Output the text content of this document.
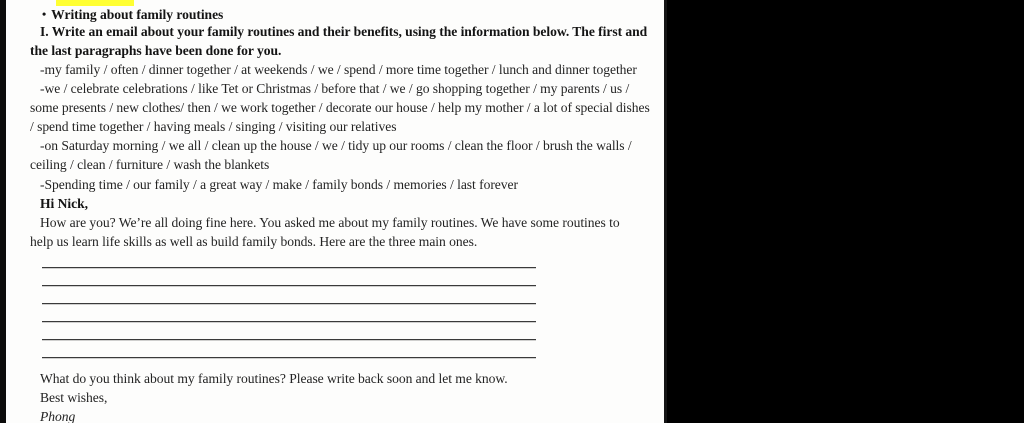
• Writing about family routines
I. Write an email about your family routines and their benefits, using the information below. The first and
the last paragraphs have been done for you.
-my family / often / dinner together / at weekends / we / spend / more time together / lunch and dinner together
-we / celebrate celebrations / like Tet or Christmas / before that / we / go shopping together / my parents / us /
some presents / new clothes/ then / we work together / decorate our house / help my mother / a lot of special dishes
/ spend time together / having meals / singing / visiting our relatives
-on Saturday morning / we all / clean up the house / we / tidy up our rooms / clean the floor / brush the walls /
ceiling / clean / furniture / wash the blankets
-Spending time / our family / a great way / make / family bonds / memories / last forever
Hi Nick,
How are you? We’re all doing fine here. You asked me about my family routines. We have some routines to
help us learn life skills as well as build family bonds. Here are the three main ones.
What do you think about my family routines? Please write back soon and let me know.
Best wishes,
Phong
